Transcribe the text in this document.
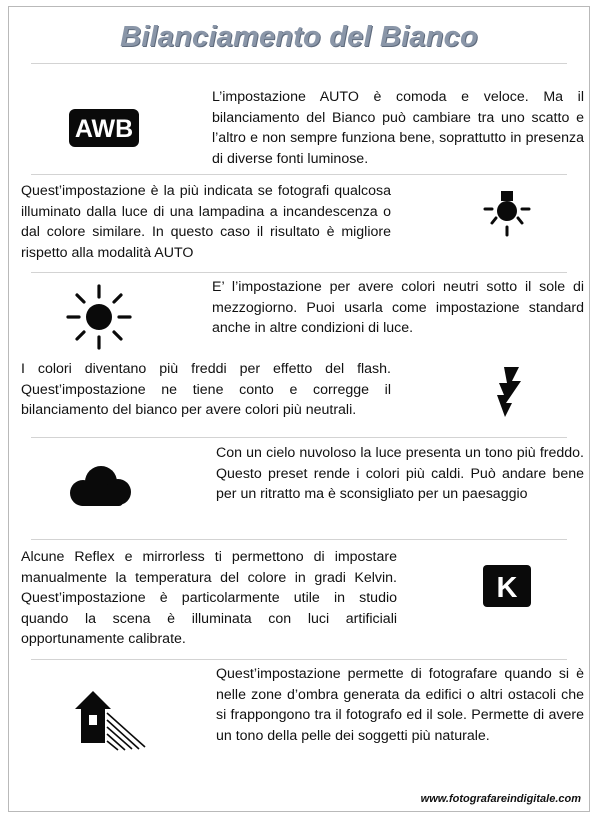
Bilanciamento del Bianco
AWB
L’impostazione AUTO è comoda e veloce. Ma il bilanciamento del Bianco può cambiare tra uno scatto e l’altro e non sempre funziona bene, soprattutto in presenza di diverse fonti luminose.
Quest’impostazione è la più indicata se fotografi qualcosa illuminato dalla luce di una lampadina a incandescenza o dal colore similare. In questo caso il risultato è migliore rispetto alla modalità AUTO
E’ l’impostazione per avere colori neutri sotto il sole di mezzogiorno. Puoi usarla come impostazione standard anche in altre condizioni di luce.
I colori diventano più freddi per effetto del flash. Quest’impostazione ne tiene conto e corregge il bilanciamento del bianco per avere colori più neutrali.
Con un cielo nuvoloso la luce presenta un tono più freddo. Questo preset rende i colori più caldi. Può andare bene per un ritratto ma è sconsigliato per un paesaggio
Alcune Reflex e mirrorless ti permettono di impostare manualmente la temperatura del colore in gradi Kelvin. Quest’impostazione è particolarmente utile in studio quando la scena è illuminata con luci artificiali opportunamente calibrate.
K
Quest’impostazione permette di fotografare quando si è nelle zone d’ombra generata da edifici o altri ostacoli che si frappongono tra il fotografo ed il sole. Permette di avere un tono della pelle dei soggetti più naturale.
www.fotografareindigitale.com
